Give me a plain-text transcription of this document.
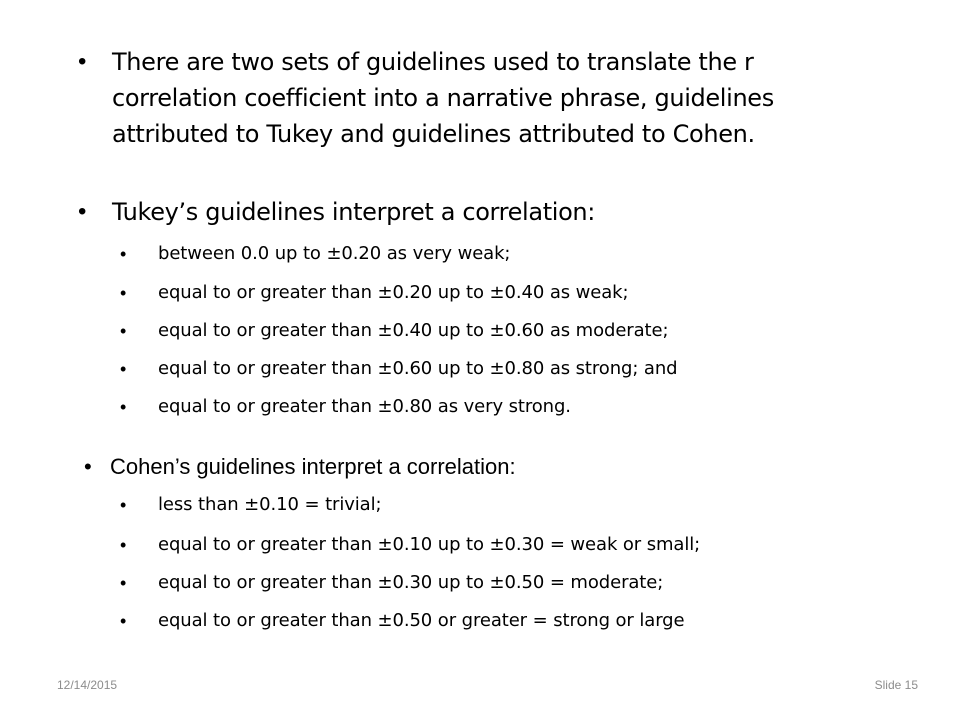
•	There are two sets of guidelines used to translate the r
correlation coefficient into a narrative phrase, guidelines
attributed to Tukey and guidelines attributed to Cohen.
•	Tukey’s guidelines interpret a correlation:
•	between 0.0 up to ±0.20 as very weak;
•	equal to or greater than ±0.20 up to ±0.40 as weak;
•	equal to or greater than ±0.40 up to ±0.60 as moderate;
•	equal to or greater than ±0.60 up to ±0.80 as strong; and
•	equal to or greater than ±0.80 as very strong.
• Cohen’s guidelines interpret a correlation:
•	less than ±0.10 = trivial;
•	equal to or greater than ±0.10 up to ±0.30 = weak or small;
•	equal to or greater than ±0.30 up to ±0.50 = moderate;
•	equal to or greater than ±0.50 or greater = strong or large
12/14/2015	Slide 15
